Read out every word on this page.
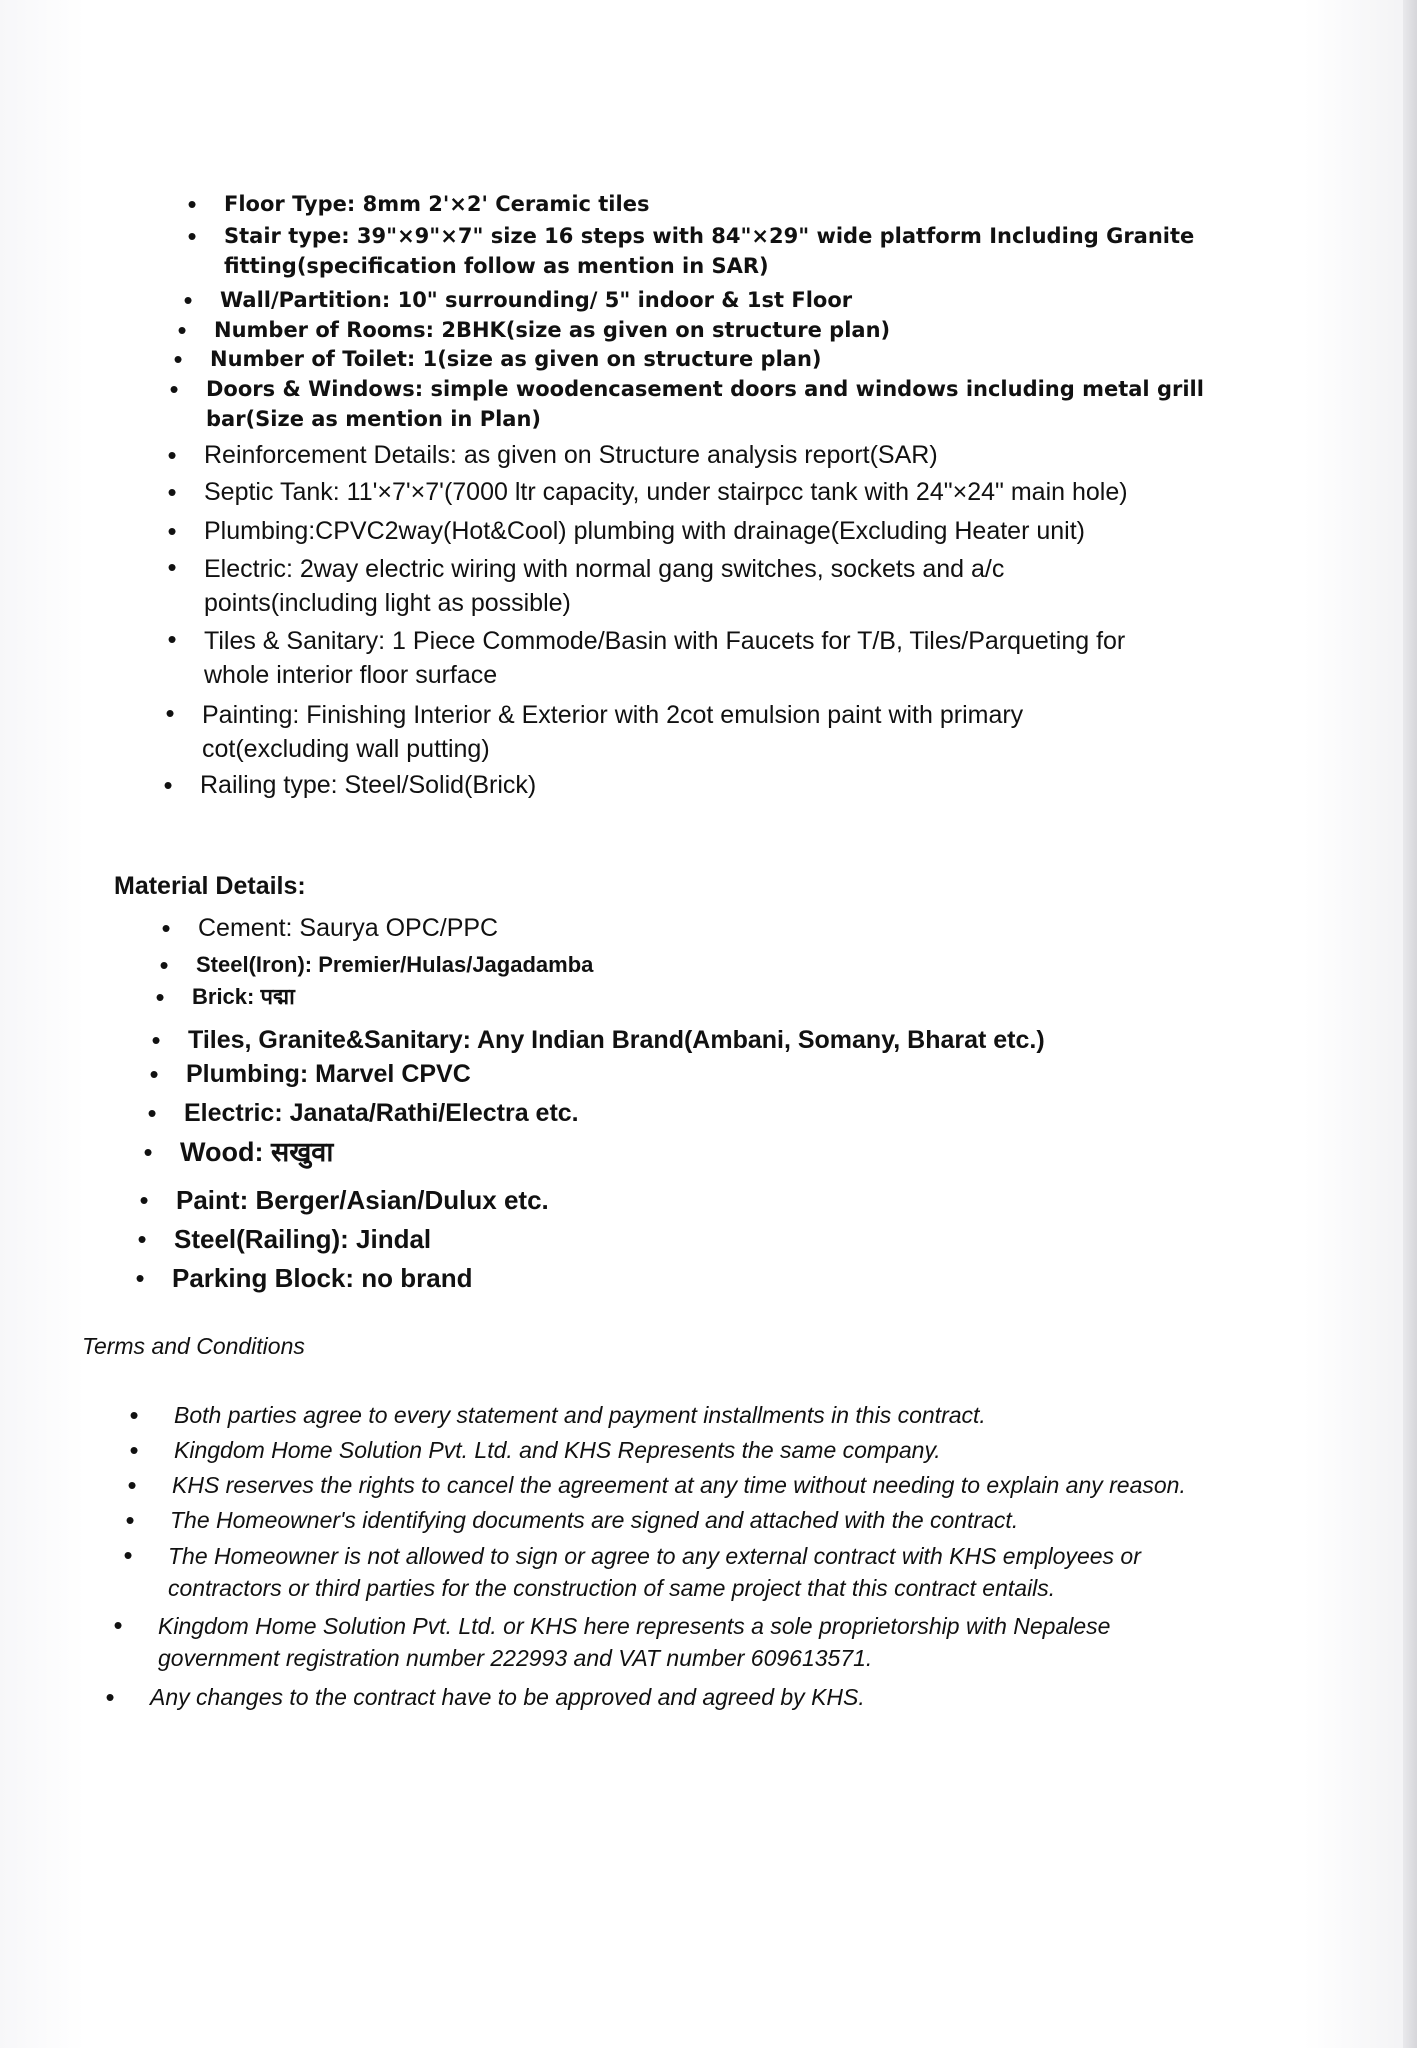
• Floor Type: 8mm 2'×2' Ceramic tiles
• Stair type: 39"×9"×7" size 16 steps with 84"×29" wide platform Including Granite
fitting(specification follow as mention in SAR)
• Wall/Partition: 10" surrounding/ 5" indoor & 1st Floor
• Number of Rooms: 2BHK(size as given on structure plan)
• Number of Toilet: 1(size as given on structure plan)
• Doors & Windows: simple woodencasement doors and windows including metal grill
bar(Size as mention in Plan)
• Reinforcement Details: as given on Structure analysis report(SAR)
• Septic Tank: 11'×7'×7'(7000 ltr capacity, under stairpcc tank with 24"×24" main hole)
• Plumbing:CPVC2way(Hot&Cool) plumbing with drainage(Excluding Heater unit)
• Electric: 2way electric wiring with normal gang switches, sockets and a/c
points(including light as possible)
• Tiles & Sanitary: 1 Piece Commode/Basin with Faucets for T/B, Tiles/Parqueting for
whole interior floor surface
• Painting: Finishing Interior & Exterior with 2cot emulsion paint with primary
cot(excluding wall putting)
• Railing type: Steel/Solid(Brick)
Material Details:
• Cement: Saurya OPC/PPC
• Steel(Iron): Premier/Hulas/Jagadamba
• Brick: पद्मा
• Tiles, Granite&Sanitary: Any Indian Brand(Ambani, Somany, Bharat etc.)
• Plumbing: Marvel CPVC
• Electric: Janata/Rathi/Electra etc.
• Wood: सखुवा
• Paint: Berger/Asian/Dulux etc.
• Steel(Railing): Jindal
• Parking Block: no brand
Terms and Conditions
• Both parties agree to every statement and payment installments in this contract.
• Kingdom Home Solution Pvt. Ltd. and KHS Represents the same company.
• KHS reserves the rights to cancel the agreement at any time without needing to explain any reason.
• The Homeowner's identifying documents are signed and attached with the contract.
• The Homeowner is not allowed to sign or agree to any external contract with KHS employees or
contractors or third parties for the construction of same project that this contract entails.
• Kingdom Home Solution Pvt. Ltd. or KHS here represents a sole proprietorship with Nepalese
government registration number 222993 and VAT number 609613571.
• Any changes to the contract have to be approved and agreed by KHS.
